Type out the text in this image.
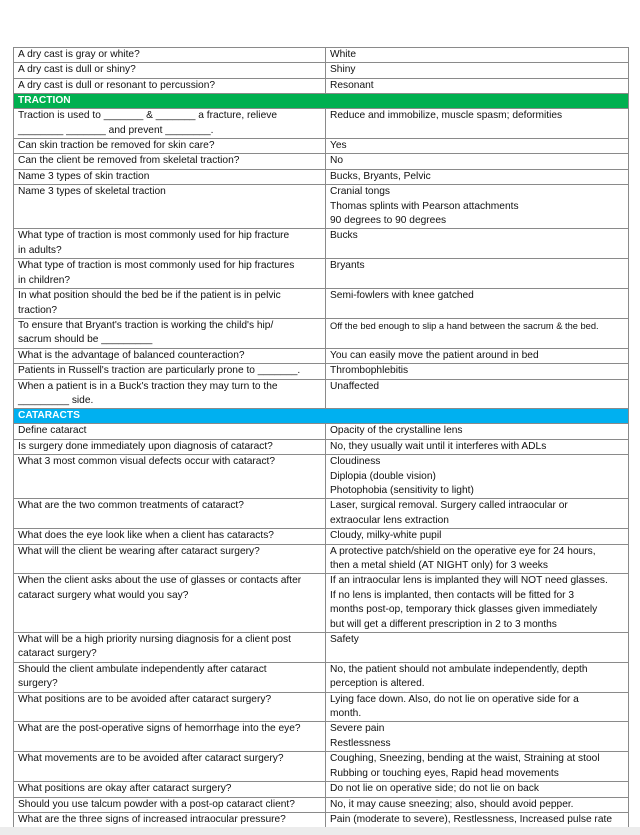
A dry cast is gray or white?	White

A dry cast is dull or shiny?	Shiny

A dry cast is dull or resonant to percussion?	Resonant

TRACTION	

Traction is used to _______ & _______ a fracture, relieve
________ _______ and prevent ________.	Reduce and immobilize, muscle spasm; deformities

Can skin traction be removed for skin care?	Yes

Can the client be removed from skeletal traction?	No

Name 3 types of skin traction	Bucks, Bryants, Pelvic

Name 3 types of skeletal traction	Cranial tongs
Thomas splints with Pearson attachments
90 degrees to 90 degrees

What type of traction is most commonly used for hip fracture
in adults?	Bucks

What type of traction is most commonly used for hip fractures
in children?	Bryants

In what position should the bed be if the patient is in pelvic
traction?	Semi-fowlers with knee gatched

To ensure that Bryant's traction is working the child's hip/
sacrum should be _________	Off the bed enough to slip a hand between the sacrum & the bed.

What is the advantage of balanced counteraction?	You can easily move the patient around in bed

Patients in Russell's traction are particularly prone to _______.	Thrombophlebitis

When a patient is in a Buck's traction they may turn to the
_________ side.	Unaffected

CATARACTS	

Define cataract	Opacity of the crystalline lens

Is surgery done immediately upon diagnosis of cataract?	No, they usually wait until it interferes with ADLs

What 3 most common visual defects occur with cataract?	Cloudiness
Diplopia (double vision)
Photophobia (sensitivity to light)

What are the two common treatments of cataract?	Laser, surgical removal. Surgery called intraocular or
extraocular lens extraction

What does the eye look like when a client has cataracts?	Cloudy, milky-white pupil

What will the client be wearing after cataract surgery?	A protective patch/shield on the operative eye for 24 hours,
then a metal shield (AT NIGHT only) for 3 weeks

When the client asks about the use of glasses or contacts after
cataract surgery what would you say?	If an intraocular lens is implanted they will NOT need glasses.
If no lens is implanted, then contacts will be fitted for 3
months post-op, temporary thick glasses given immediately
but will get a different prescription in 2 to 3 months

What will be a high priority nursing diagnosis for a client post
cataract surgery?	Safety

Should the client ambulate independently after cataract
surgery?	No, the patient should not ambulate independently, depth
perception is altered.

What positions are to be avoided after cataract surgery?	Lying face down. Also, do not lie on operative side for a
month.

What are the post-operative signs of hemorrhage into the eye?	Severe pain
Restlessness

What movements are to be avoided after cataract surgery?	Coughing, Sneezing, bending at the waist, Straining at stool
Rubbing or touching eyes, Rapid head movements

What positions are okay after cataract surgery?	Do not lie on operative side; do not lie on back

Should you use talcum powder with a post-op cataract client?	No, it may cause sneezing; also, should avoid pepper.

What are the three signs of increased intraocular pressure?	Pain (moderate to severe), Restlessness, Increased pulse rate
